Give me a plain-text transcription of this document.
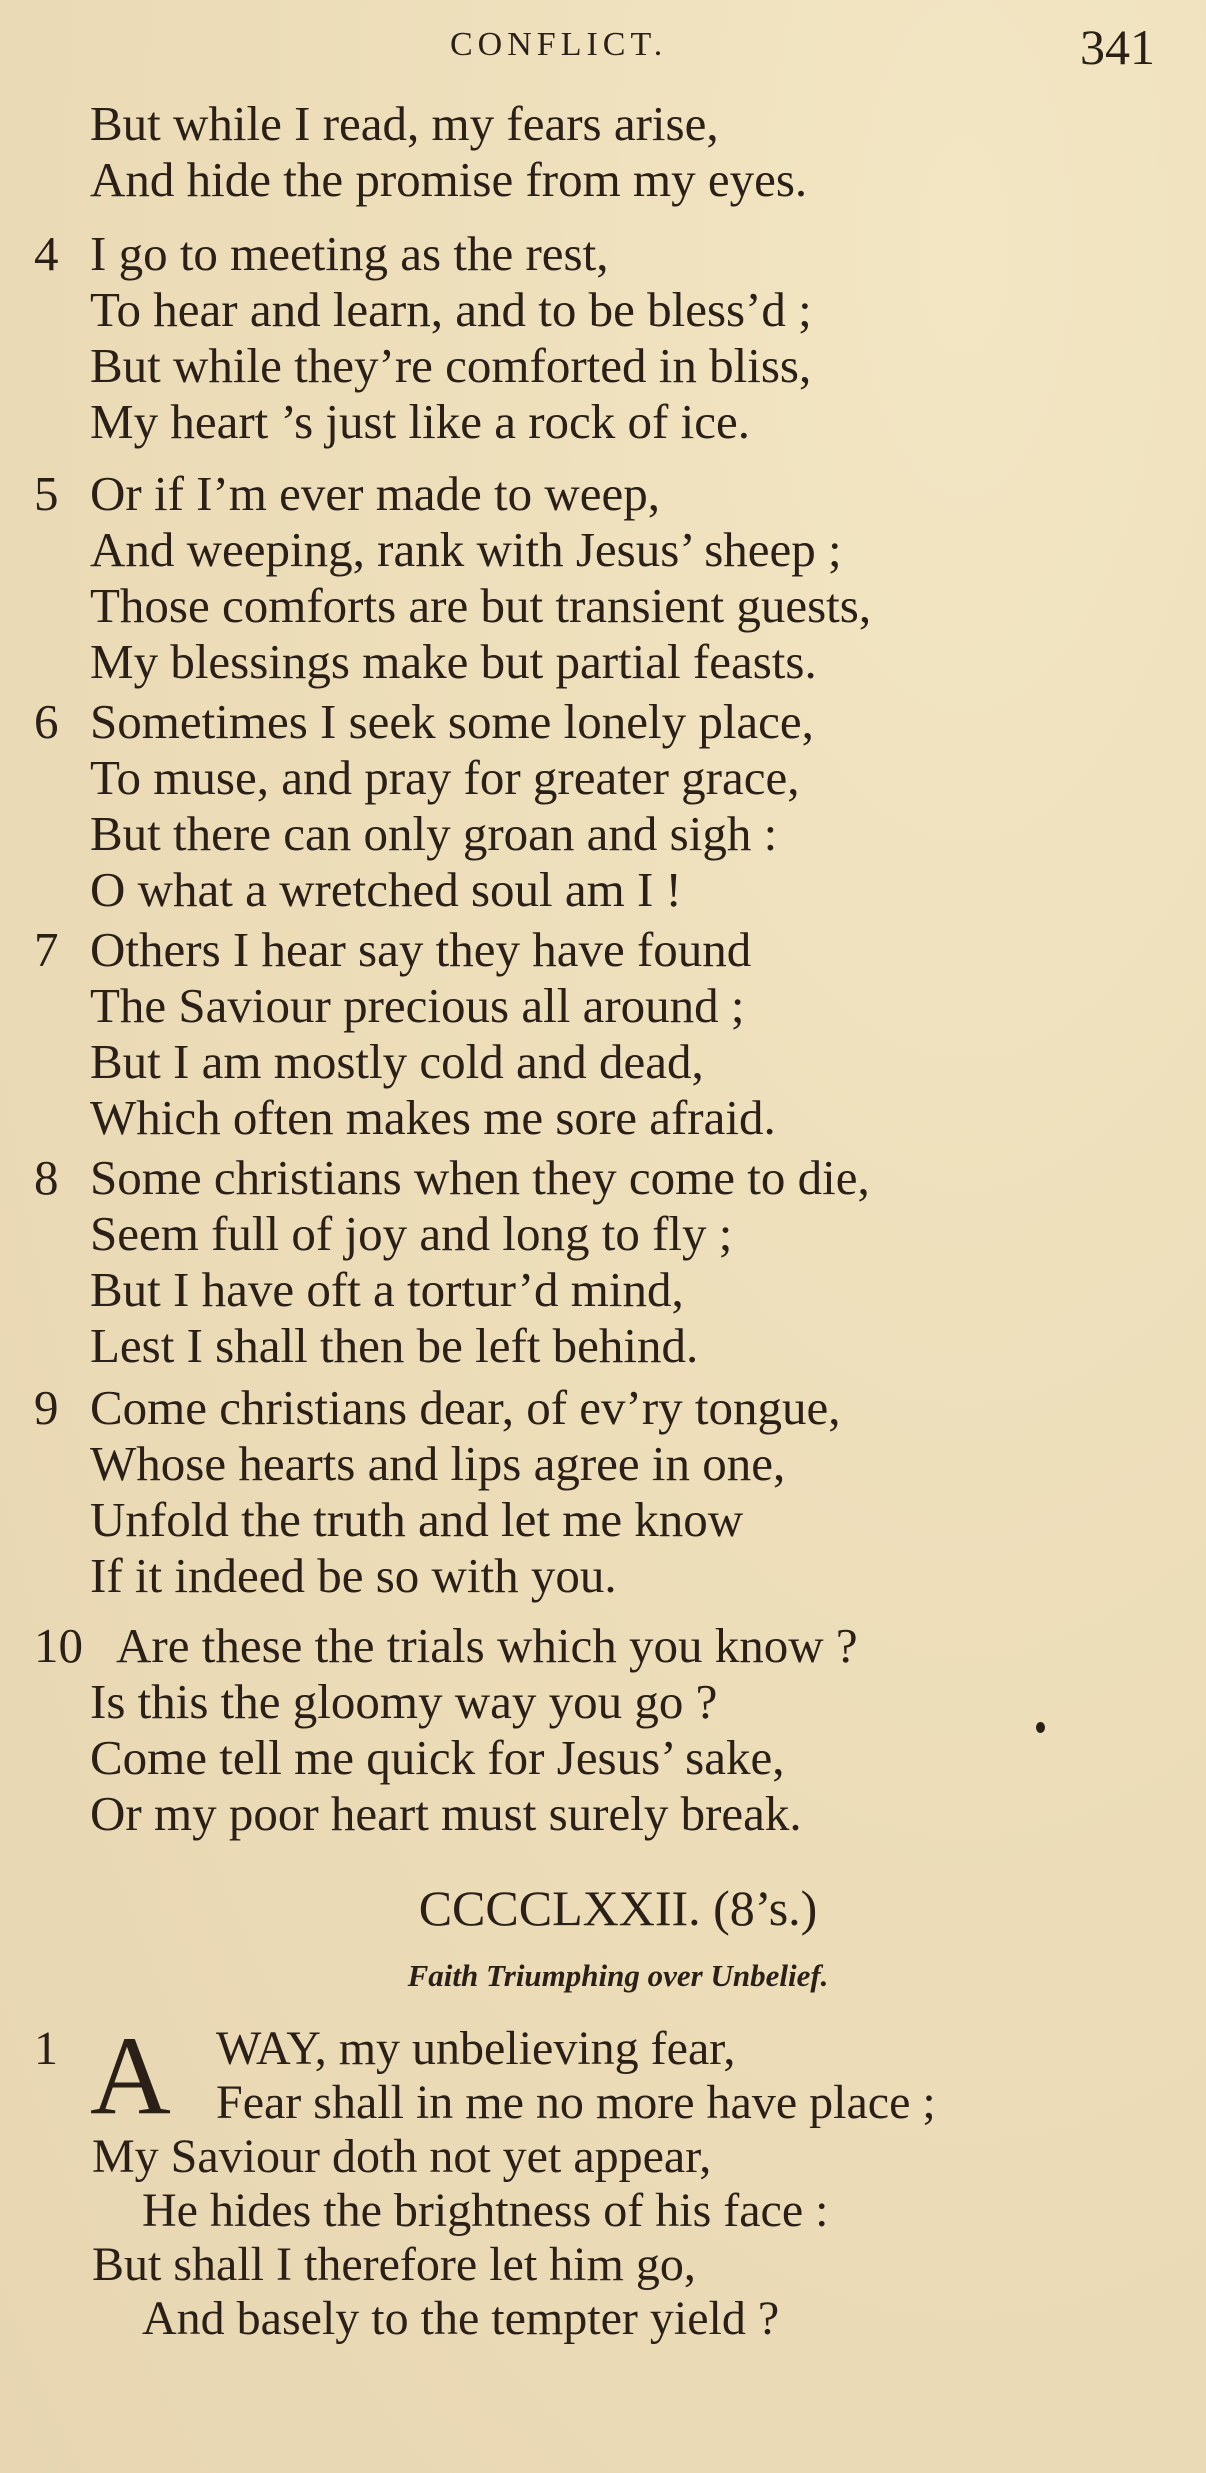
CONFLICT.	341
But while I read, my fears arise,
And hide the promise from my eyes.
4 I go to meeting as the rest,
To hear and learn, and to be bless’d ;
But while they’re comforted in bliss,
My heart ’s just like a rock of ice.
5 Or if I’m ever made to weep,
And weeping, rank with Jesus’ sheep ;
Those comforts are but transient guests,
My blessings make but partial feasts.
6 Sometimes I seek some lonely place,
To muse, and pray for greater grace,
But there can only groan and sigh :
O what a wretched soul am I !
7 Others I hear say they have found
The Saviour precious all around ;
But I am mostly cold and dead,
Which often makes me sore afraid.
8 Some christians when they come to die,
Seem full of joy and long to fly ;
But I have oft a tortur’d mind,
Lest I shall then be left behind.
9 Come christians dear, of ev’ry tongue,
Whose hearts and lips agree in one,
Unfold the truth and let me know
If it indeed be so with you.
10 Are these the trials which you know ?
Is this the gloomy way you go ?
Come tell me quick for Jesus’ sake,
Or my poor heart must surely break.
CCCCLXXII. (8’s.)
Faith Triumphing over Unbelief.
1 A WAY, my unbelieving fear,
Fear shall in me no more have place ;
My Saviour doth not yet appear,
He hides the brightness of his face :
But shall I therefore let him go,
And basely to the tempter yield ?
